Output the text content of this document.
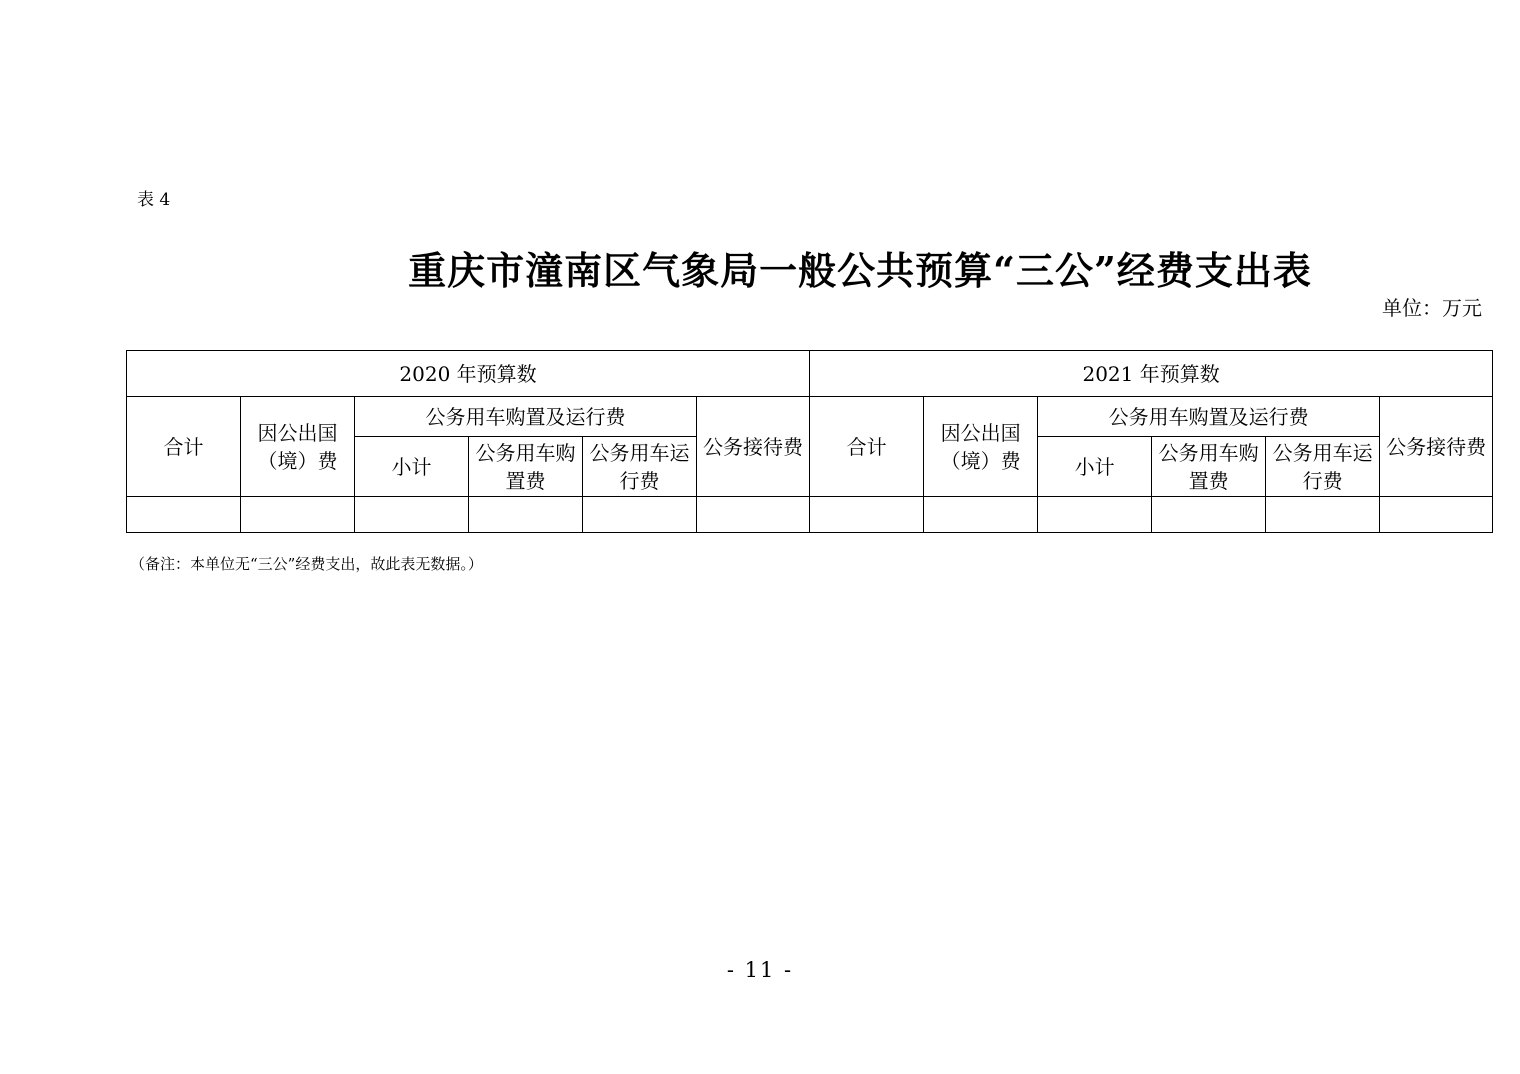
表 4
重庆市潼南区气象局一般公共预算“三公”经费支出表
单位：万元
2020 年预算数						2021 年预算数					
合计	因公出国（境）费	公务用车购置及运行费			公务接待费	合计	因公出国（境）费	公务用车购置及运行费			公务接待费
		小计	公务用车购置费	公务用车运行费				小计	公务用车购置费	公务用车运行费	

（备注：本单位无“三公”经费支出，故此表无数据。）
- 11 -
